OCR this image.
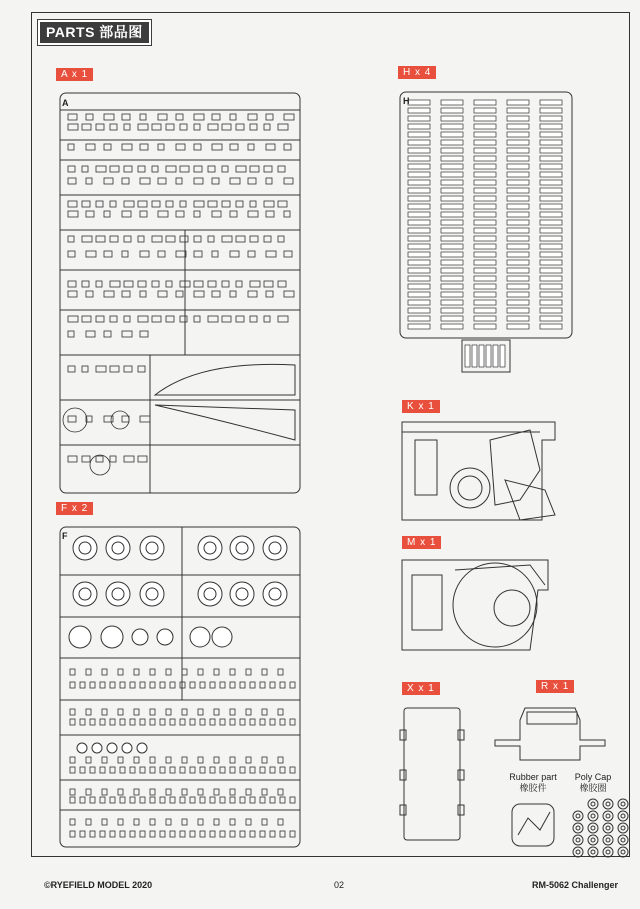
PARTS 部品图
A x 1	H x 4
K x 1
F x 2
M x 1
X x 1	R x 1
A
F
H
Rubber part
橡胶件
Poly Cap
橡胶圈
©RYEFIELD MODEL 2020	02	RM-5062 Challenger
